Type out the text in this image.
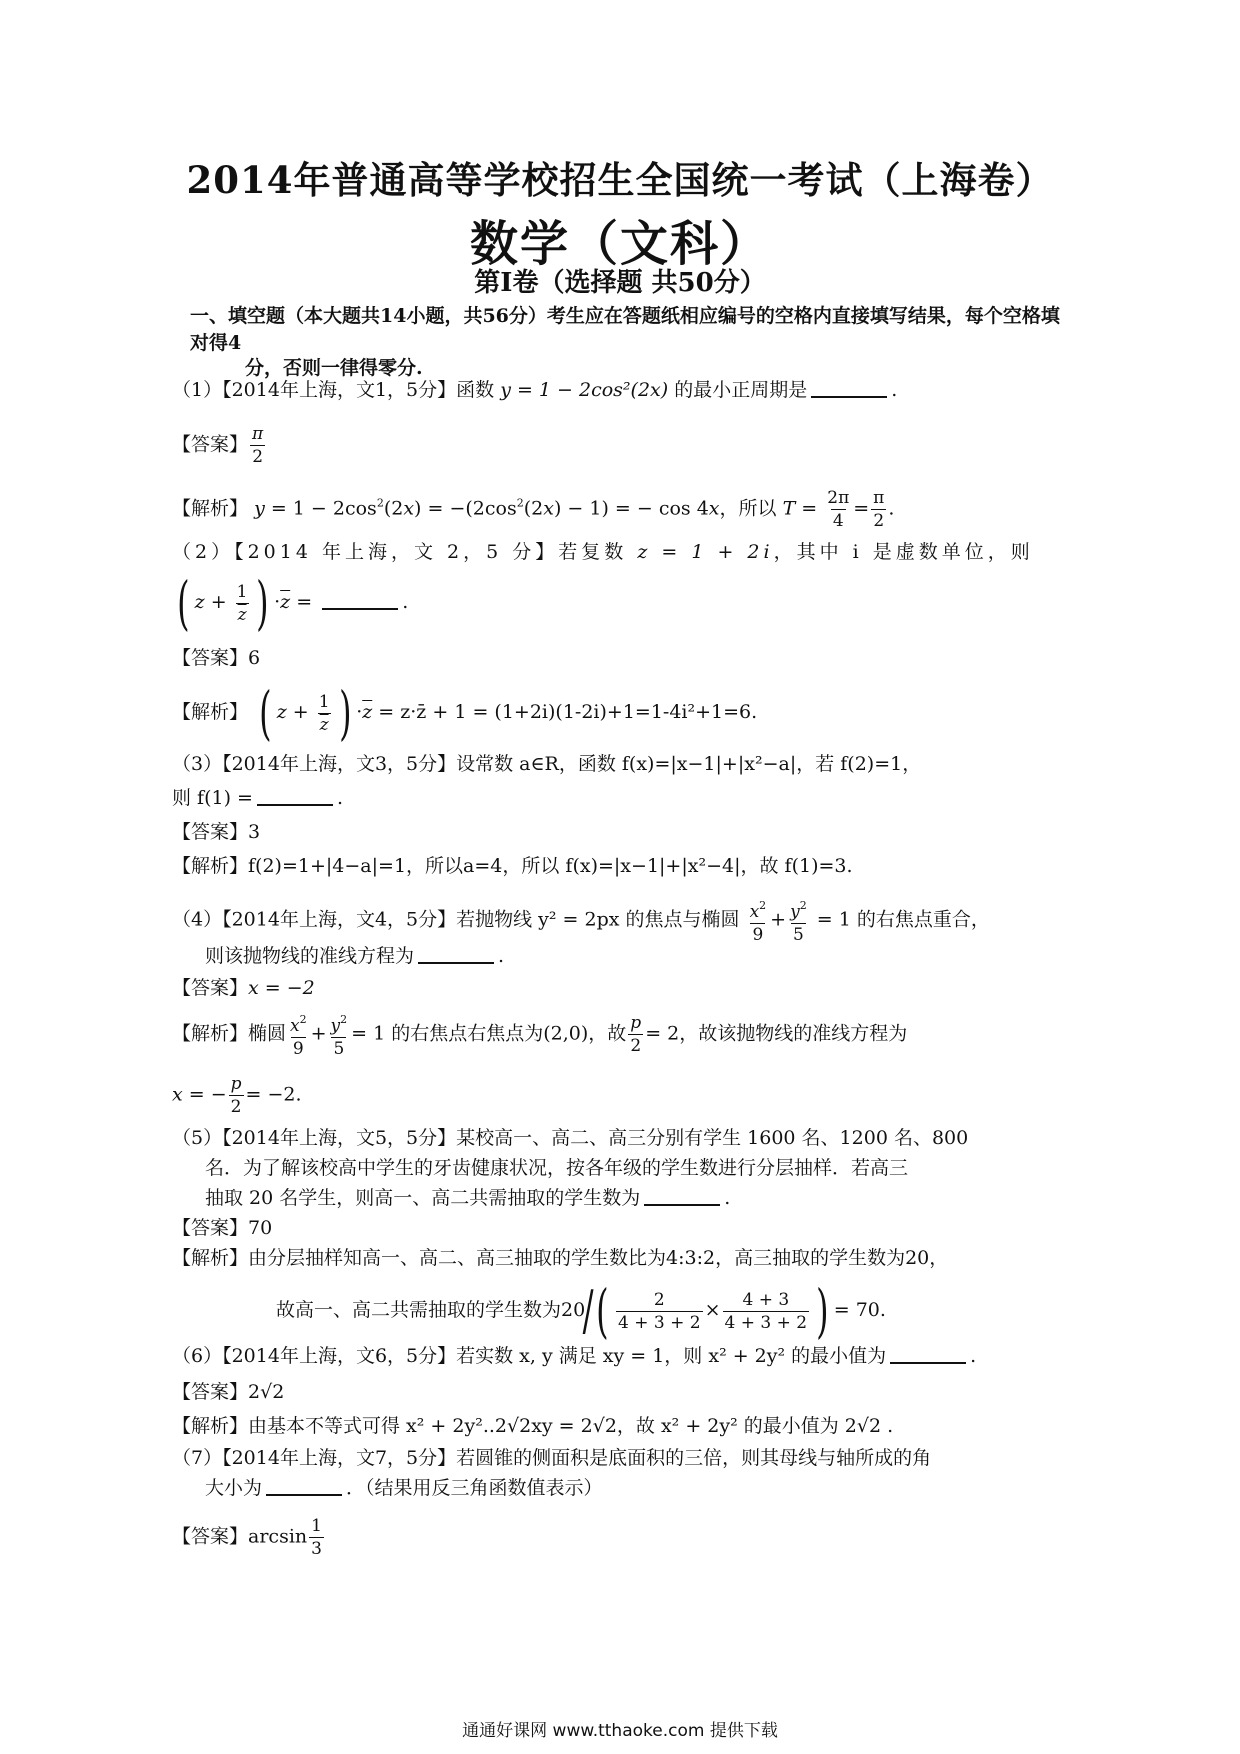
2014年普通高等学校招生全国统一考试（上海卷）
数学（文科）
第Ⅰ卷（选择题 共50分）
一、填空题（本大题共14小题，共56分）考生应在答题纸相应编号的空格内直接填写结果，每个空格填对得4
分，否则一律得零分.
（1）【2014年上海，文1，5分】函数 y = 1 − 2cos²(2x) 的最小正周期是	.
【答案】 $\frac{\pi}{2}$
【解析】 $y = 1 - 2\cos^2(2x) = -(2\cos^2(2x) - 1)$ = − cos 4x，所以 $T = \frac{2\pi}{4} = \frac{\pi}{2}$ .
（2）【2014 年上海，文 2，5 分】若复数 z = 1 + 2i，其中 i 是虚数单位，则
( $z + \frac{1}{z}$ ) $\cdot\overline{z}$ =	.
【答案】6
【解析】 ( $z + \frac{1}{z}$ ) $\cdot\overline{z}$ = z·z̄ + 1 = (1+2i)(1-2i)+1=1-4i²+1=6.
（3）【2014年上海，文3，5分】设常数 a∈R，函数 f(x)=|x−1|+|x²−a|，若 f(2)=1，
则 f(1) =	.
【答案】3
【解析】f(2)=1+|4−a|=1，所以a=4，所以 f(x)=|x−1|+|x²−4|，故 f(1)=3.
（4）【2014年上海，文4，5分】若抛物线 y² = 2px 的焦点与椭圆 $\frac{x^2}{9} + \frac{y^2}{5} = 1$ 的右焦点重合，
则该抛物线的准线方程为	.
【答案】x = −2
【解析】椭圆 $\frac{x^2}{9} + \frac{y^2}{5} = 1$ 的右焦点右焦点为(2,0)，故 $\frac{p}{2} = 2$，故该抛物线的准线方程为
x = − $\frac{p}{2} = -2$.
（5）【2014年上海，文5，5分】某校高一、高二、高三分别有学生 1600 名、1200 名、800
名．为了解该校高中学生的牙齿健康状况，按各年级的学生数进行分层抽样．若高三
抽取 20 名学生，则高一、高二共需抽取的学生数为	.
【答案】70
【解析】由分层抽样知高一、高二、高三抽取的学生数比为4:3:2，高三抽取的学生数为20，
故高一、高二共需抽取的学生数为$20/( \frac{2}{4 + 3 + 2} \times \frac{4 + 3}{4 + 3 + 2}$ ) = 70.
（6）【2014年上海，文6，5分】若实数 x, y 满足 xy = 1，则 x² + 2y² 的最小值为	.
【答案】2√2
【解析】由基本不等式可得 x² + 2y²..2√2xy = 2√2，故 x² + 2y² 的最小值为 2√2 .
（7）【2014年上海，文7，5分】若圆锥的侧面积是底面积的三倍，则其母线与轴所成的角
大小为	．（结果用反三角函数值表示）
【答案】$\arcsin \frac{1}{3}$
通通好课网 www.tthaoke.com 提供下载
